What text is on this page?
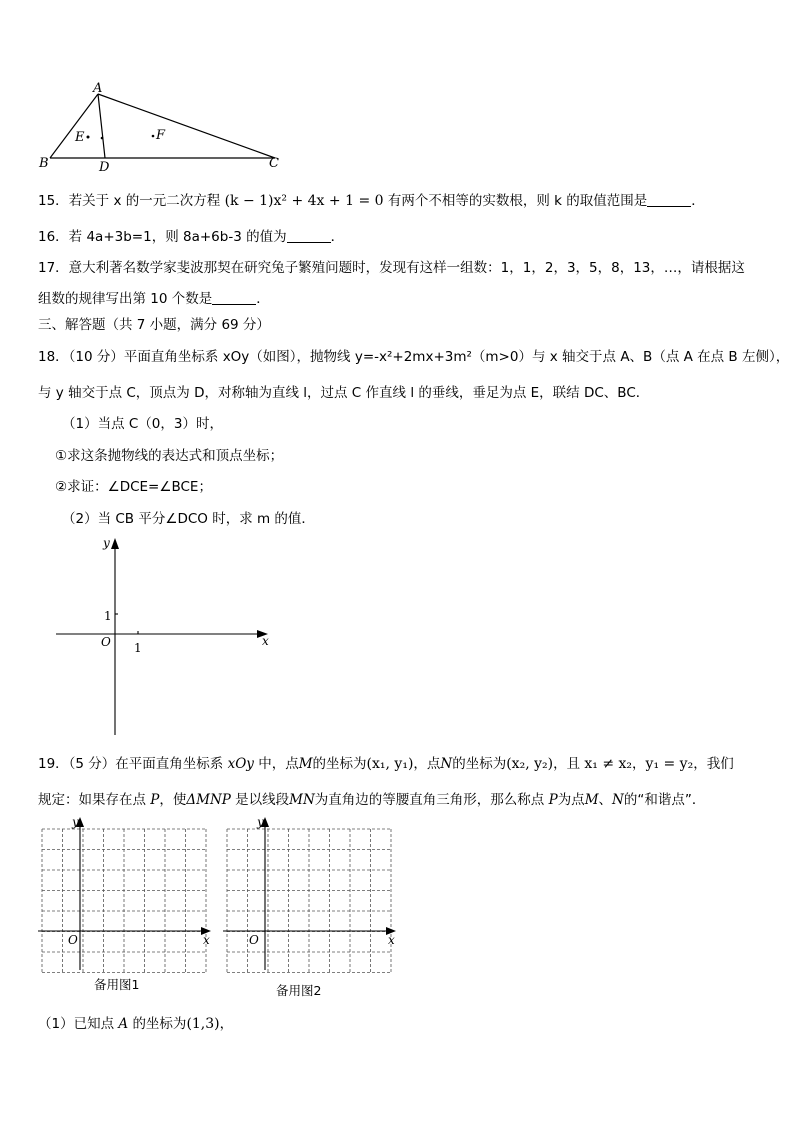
A
B	C
D
E	F
15．若关于 x 的一元二次方程 (k − 1)x² + 4x + 1 = 0 有两个不相等的实数根，则 k 的取值范围是	．
16．若 4a+3b=1，则 8a+6b-3 的值为	．
17．意大利著名数学家斐波那契在研究兔子繁殖问题时，发现有这样一组数：1，1，2，3，5，8，13，…，请根据这
组数的规律写出第 10 个数是	．
三、解答题（共 7 小题，满分 69 分）
18．（10 分）平面直角坐标系 xOy（如图），抛物线 y=-x²+2mx+3m²（m>0）与 x 轴交于点 A、B（点 A 在点 B 左侧），
与 y 轴交于点 C，顶点为 D，对称轴为直线 l，过点 C 作直线 l 的垂线，垂足为点 E，联结 DC、BC．
（1）当点 C（0，3）时，
①求这条抛物线的表达式和顶点坐标；
②求证：∠DCE=∠BCE；
（2）当 CB 平分∠DCO 时，求 m 的值．
y
x
O 1
1
19．（5 分）在平面直角坐标系 xOy 中，点M的坐标为(x₁, y₁)，点N的坐标为(x₂, y₂)，且 x₁ ≠ x₂，y₁ = y₂，我们
规定：如果存在点 P，使ΔMNP 是以线段MN为直角边的等腰直角三角形，那么称点 P为点M、N的“和谐点”．
y
x
O
备用图1
y
x
O
备用图2
（1）已知点 A 的坐标为(1,3)，
